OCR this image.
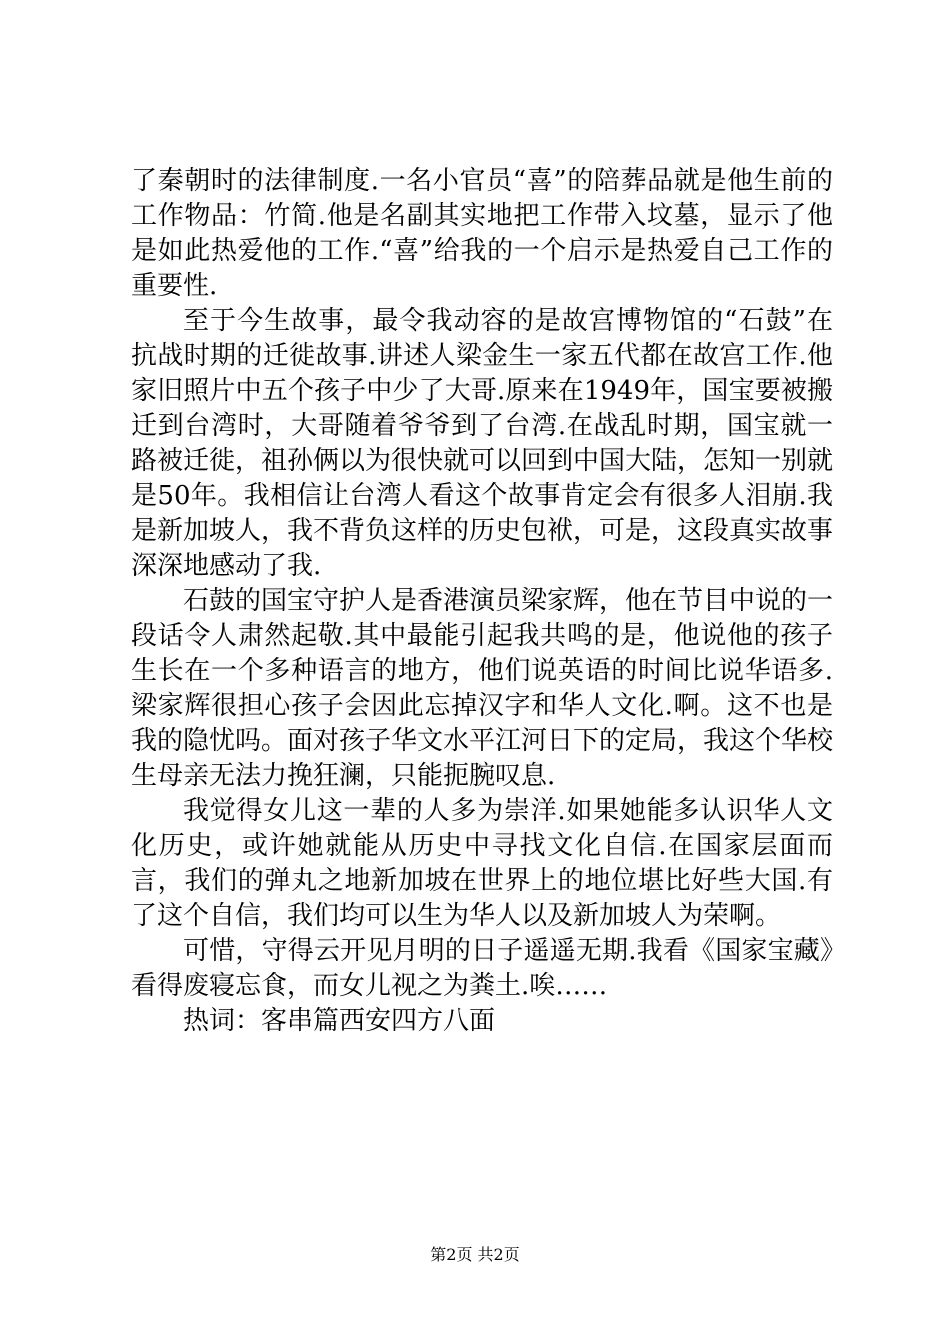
了秦朝时的法律制度.一名小官员“喜”的陪葬品就是他生前的工作物品：竹简.他是名副其实地把工作带入坟墓，显示了他是如此热爱他的工作.“喜”给我的一个启示是热爱自己工作的重要性.

至于今生故事，最令我动容的是故宫博物馆的“石鼓”在抗战时期的迁徙故事.讲述人梁金生一家五代都在故宫工作.他家旧照片中五个孩子中少了大哥.原来在1949年，国宝要被搬迁到台湾时，大哥随着爷爷到了台湾.在战乱时期，国宝就一路被迁徙，祖孙俩以为很快就可以回到中国大陆，怎知一别就是50年。我相信让台湾人看这个故事肯定会有很多人泪崩.我是新加坡人，我不背负这样的历史包袱，可是，这段真实故事深深地感动了我.

石鼓的国宝守护人是香港演员梁家辉，他在节目中说的一段话令人肃然起敬.其中最能引起我共鸣的是，他说他的孩子生长在一个多种语言的地方，他们说英语的时间比说华语多.梁家辉很担心孩子会因此忘掉汉字和华人文化.啊。这不也是我的隐忧吗。面对孩子华文水平江河日下的定局，我这个华校生母亲无法力挽狂澜，只能扼腕叹息.

我觉得女儿这一辈的人多为崇洋.如果她能多认识华人文化历史，或许她就能从历史中寻找文化自信.在国家层面而言，我们的弹丸之地新加坡在世界上的地位堪比好些大国.有了这个自信，我们均可以生为华人以及新加坡人为荣啊。

可惜，守得云开见月明的日子遥遥无期.我看《国家宝藏》看得废寝忘食，而女儿视之为粪土.唉……

热词：客串篇西安四方八面

第2页 共2页
